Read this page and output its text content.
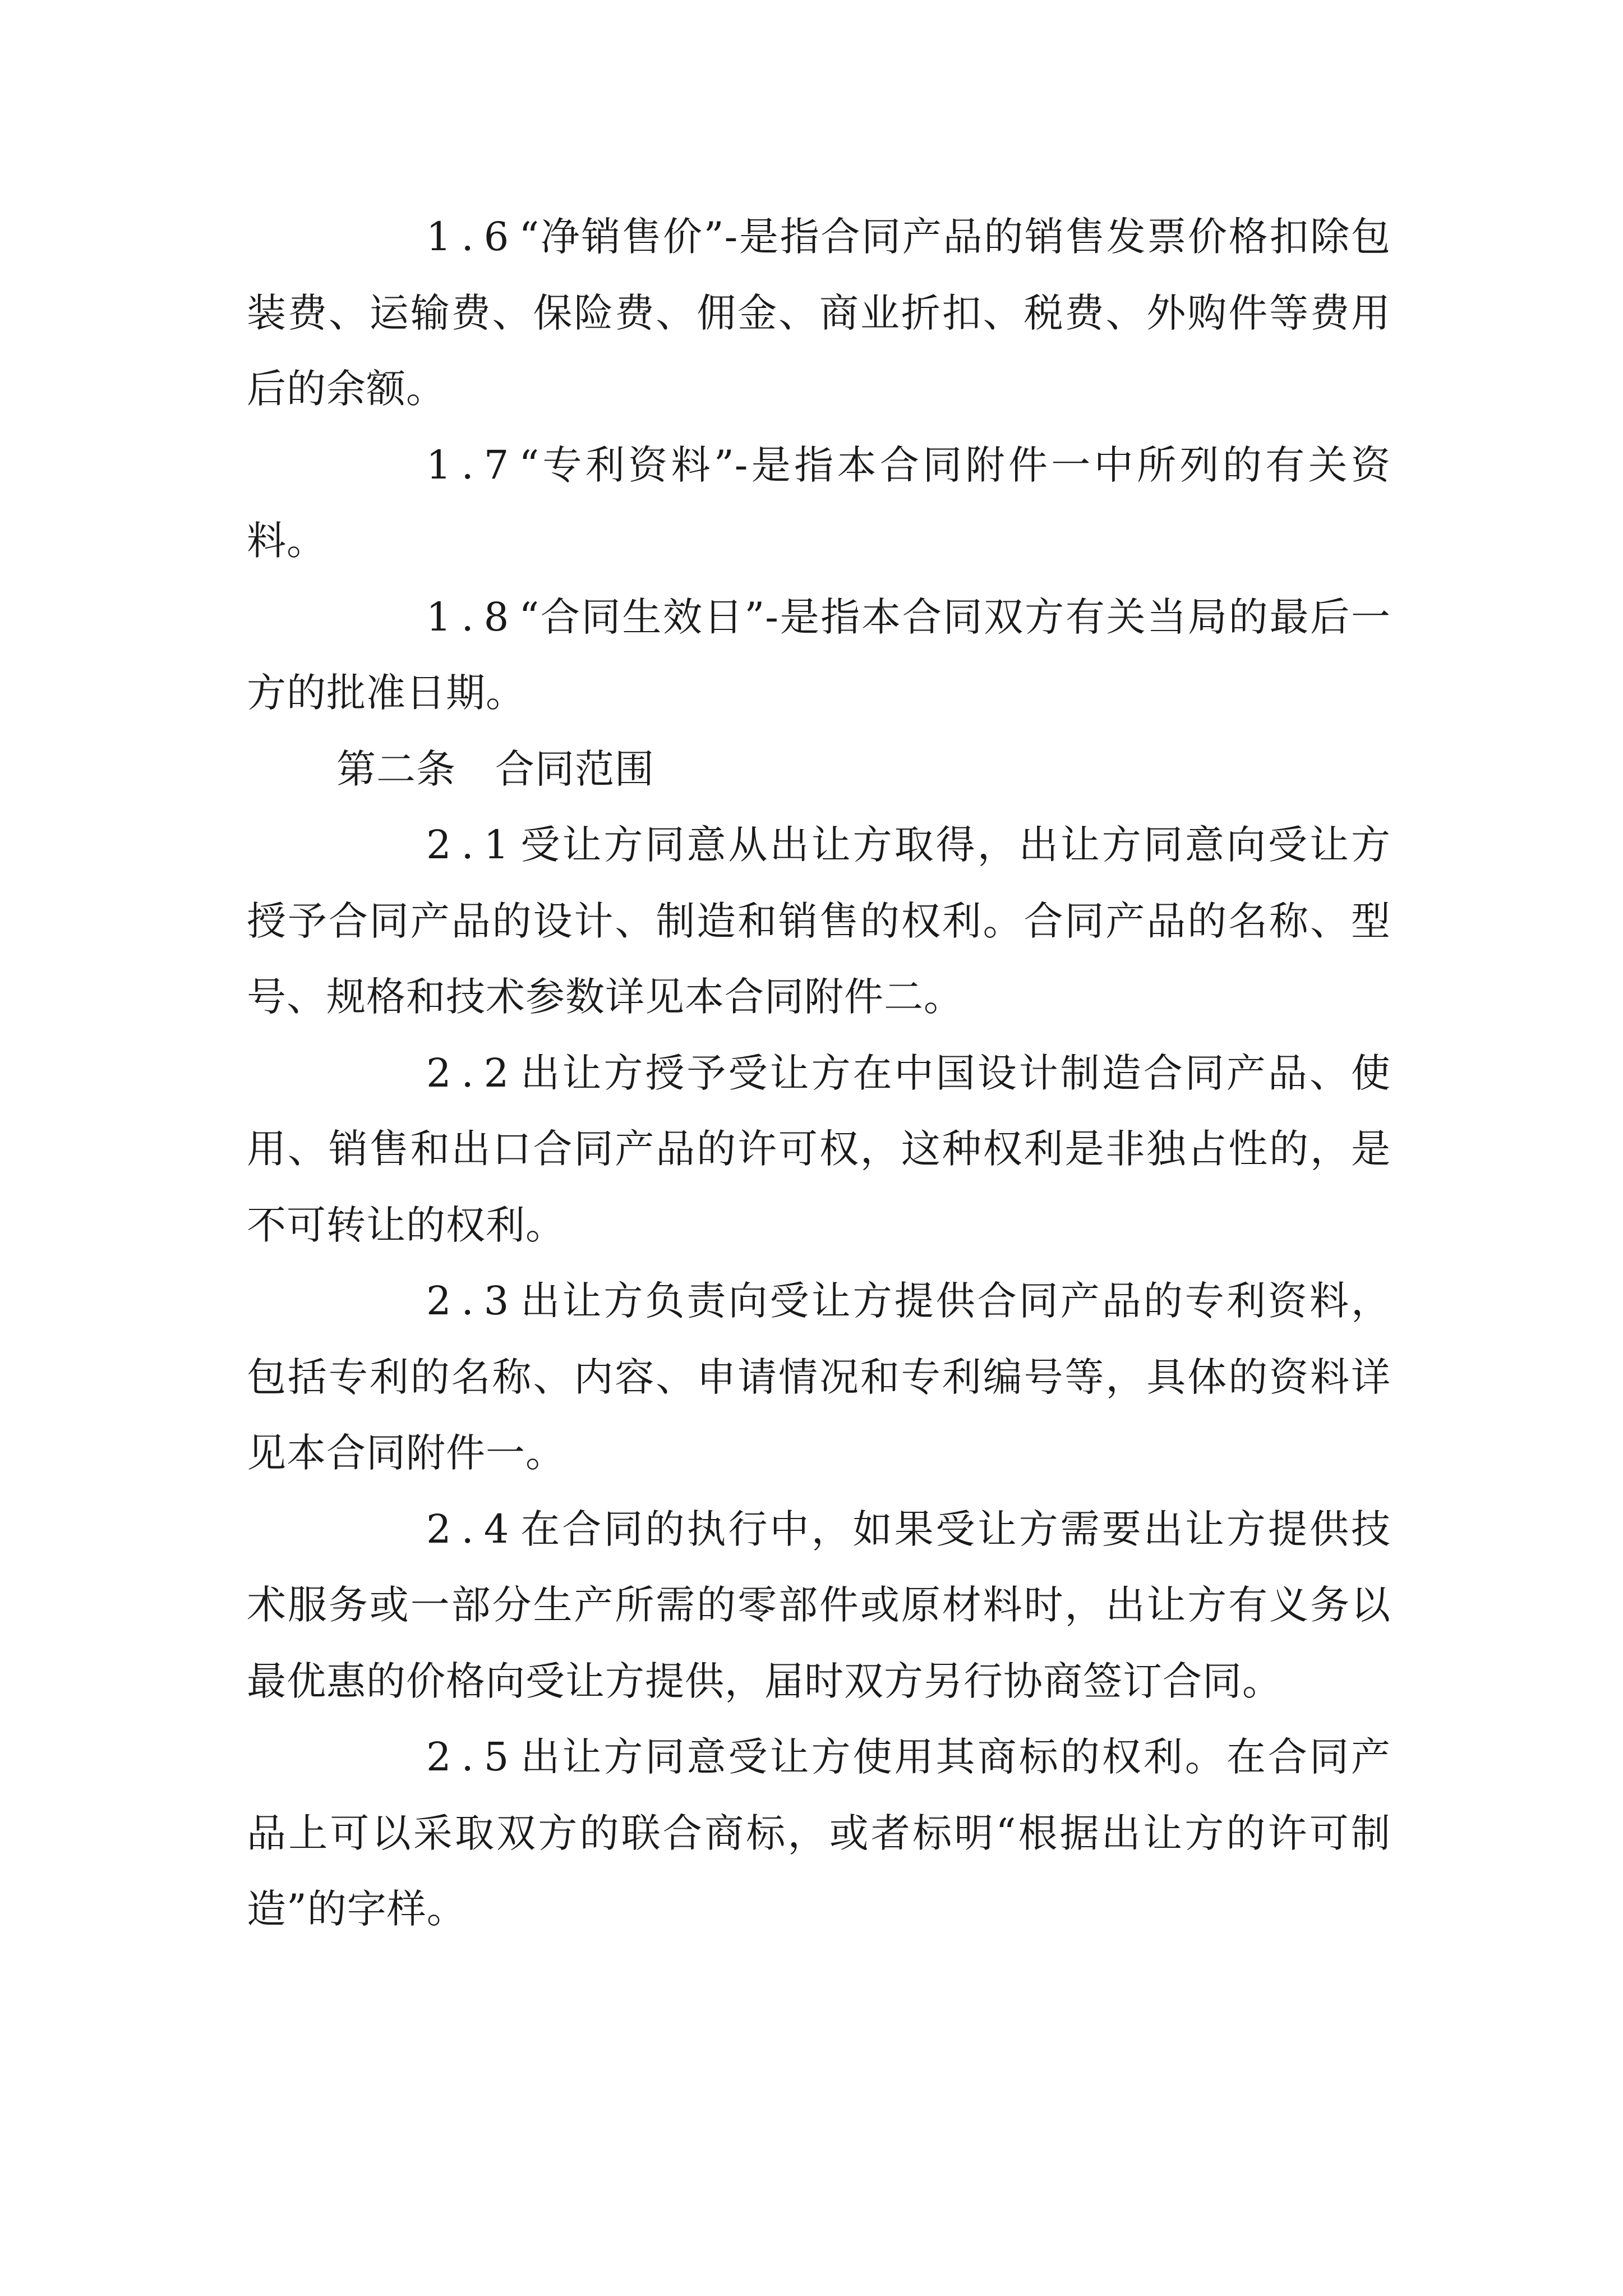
1.6“净销售价”-是指合同产品的销售发票价格扣除包装费、运输费、保险费、佣金、商业折扣、税费、外购件等费用后的余额。

1.7“专利资料”-是指本合同附件一中所列的有关资料。

1.8“合同生效日”-是指本合同双方有关当局的最后一方的批准日期。

第二条 合同范围

2.1受让方同意从出让方取得，出让方同意向受让方授予合同产品的设计、制造和销售的权利。合同产品的名称、型号、规格和技术参数详见本合同附件二。

2.2出让方授予受让方在中国设计制造合同产品、使用、销售和出口合同产品的许可权，这种权利是非独占性的，是不可转让的权利。

2.3出让方负责向受让方提供合同产品的专利资料，包括专利的名称、内容、申请情况和专利编号等，具体的资料详见本合同附件一。

2.4在合同的执行中，如果受让方需要出让方提供技术服务或一部分生产所需的零部件或原材料时，出让方有义务以最优惠的价格向受让方提供，届时双方另行协商签订合同。

2.5出让方同意受让方使用其商标的权利。在合同产品上可以采取双方的联合商标，或者标明“根据出让方的许可制造”的字样。
